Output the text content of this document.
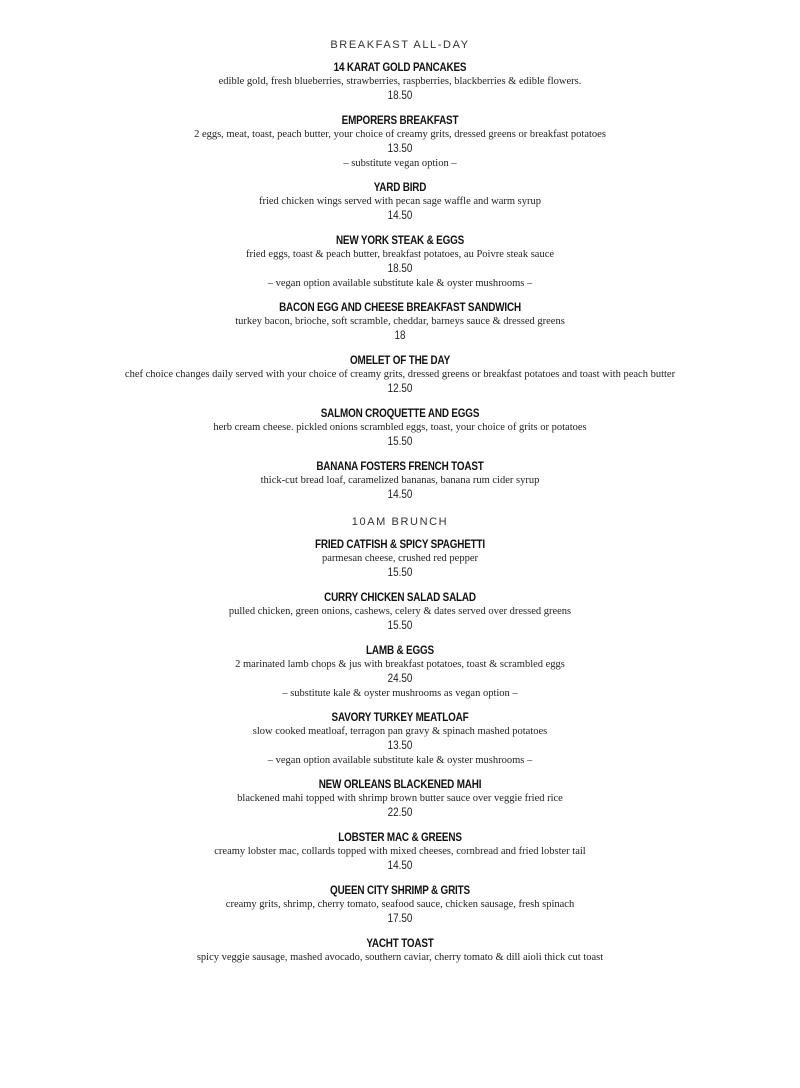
BREAKFAST ALL-DAY
14 KARAT GOLD PANCAKES
edible gold, fresh blueberries, strawberries, raspberries, blackberries & edible flowers.
18.50
EMPORERS BREAKFAST
2 eggs, meat, toast, peach butter, your choice of creamy grits, dressed greens or breakfast potatoes
13.50
– substitute vegan option –
YARD BIRD
fried chicken wings served with pecan sage waffle and warm syrup
14.50
NEW YORK STEAK & EGGS
fried eggs, toast & peach butter, breakfast potatoes, au Poivre steak sauce
18.50
– vegan option available substitute kale & oyster mushrooms –
BACON EGG AND CHEESE BREAKFAST SANDWICH
turkey bacon, brioche, soft scramble, cheddar, barneys sauce & dressed greens
18
OMELET OF THE DAY
chef choice changes daily served with your choice of creamy grits, dressed greens or breakfast potatoes and toast with peach butter
12.50
SALMON CROQUETTE AND EGGS
herb cream cheese. pickled onions scrambled eggs, toast, your choice of grits or potatoes
15.50
BANANA FOSTERS FRENCH TOAST
thick-cut bread loaf, caramelized bananas, banana rum cider syrup
14.50
10AM BRUNCH
FRIED CATFISH & SPICY SPAGHETTI
parmesan cheese, crushed red pepper
15.50
CURRY CHICKEN SALAD SALAD
pulled chicken, green onions, cashews, celery & dates served over dressed greens
15.50
LAMB & EGGS
2 marinated lamb chops & jus with breakfast potatoes, toast & scrambled eggs
24.50
– substitute kale & oyster mushrooms as vegan option –
SAVORY TURKEY MEATLOAF
slow cooked meatloaf, terragon pan gravy & spinach mashed potatoes
13.50
– vegan option available substitute kale & oyster mushrooms –
NEW ORLEANS BLACKENED MAHI
blackened mahi topped with shrimp brown butter sauce over veggie fried rice
22.50
LOBSTER MAC & GREENS
creamy lobster mac, collards topped with mixed cheeses, cornbread and fried lobster tail
14.50
QUEEN CITY SHRIMP & GRITS
creamy grits, shrimp, cherry tomato, seafood sauce, chicken sausage, fresh spinach
17.50
YACHT TOAST
spicy veggie sausage, mashed avocado, southern caviar, cherry tomato & dill aioli thick cut toast
